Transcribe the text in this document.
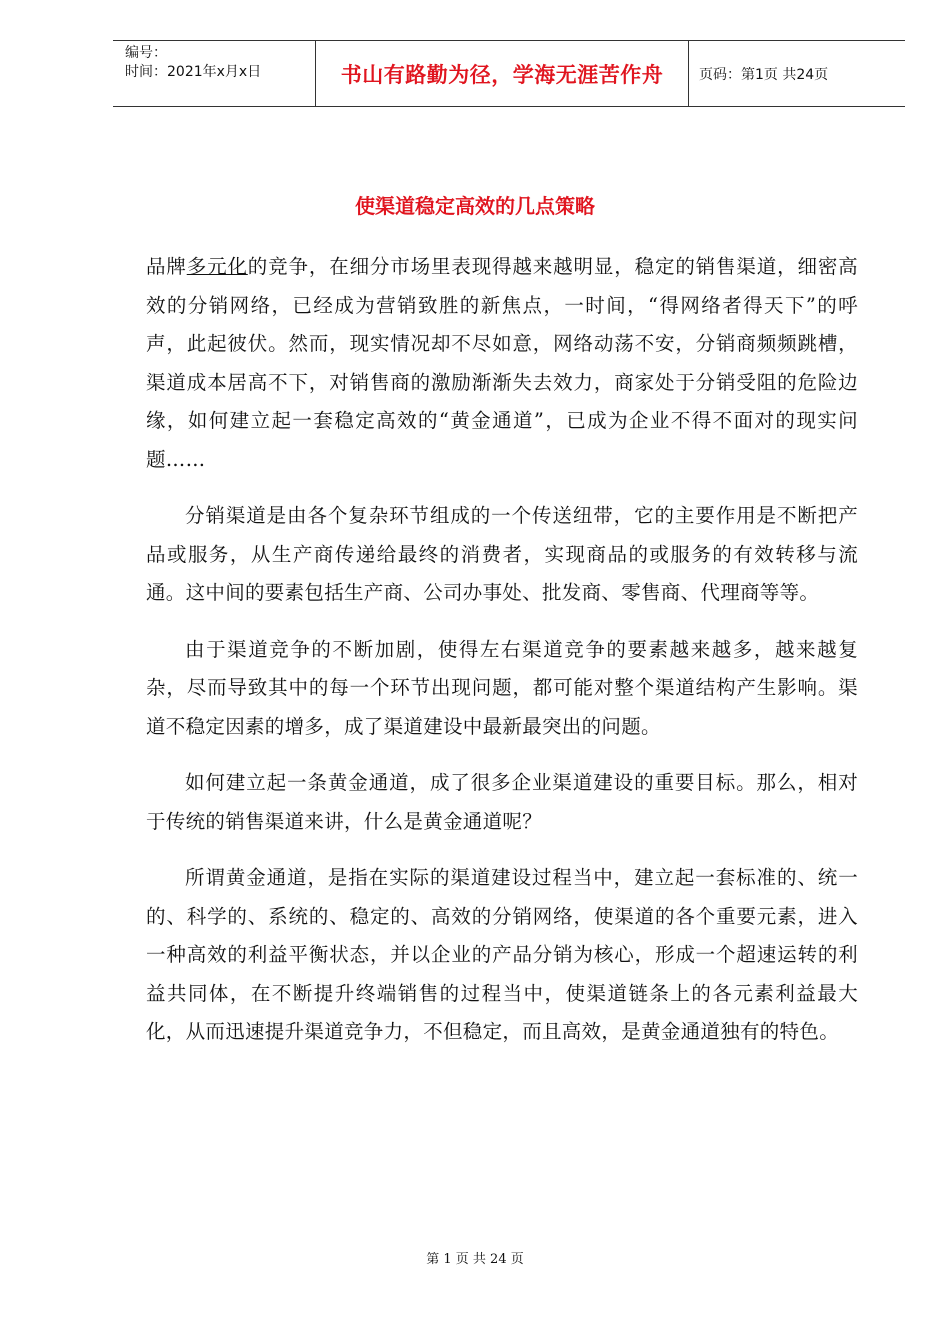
编号：
时间：2021年x月x日	书山有路勤为径，学海无涯苦作舟	页码：第1页 共24页
使渠道稳定高效的几点策略

品牌多元化的竞争，在细分市场里表现得越来越明显，稳定的销售渠道，细密高效的分销网络，已经成为营销致胜的新焦点，一时间，“得网络者得天下”的呼声，此起彼伏。然而，现实情况却不尽如意，网络动荡不安，分销商频频跳槽，渠道成本居高不下，对销售商的激励渐渐失去效力，商家处于分销受阻的危险边缘，如何建立起一套稳定高效的“黄金通道”，已成为企业不得不面对的现实问题……

分销渠道是由各个复杂环节组成的一个传送纽带，它的主要作用是不断把产品或服务，从生产商传递给最终的消费者，实现商品的或服务的有效转移与流通。这中间的要素包括生产商、公司办事处、批发商、零售商、代理商等等。

由于渠道竞争的不断加剧，使得左右渠道竞争的要素越来越多，越来越复杂，尽而导致其中的每一个环节出现问题，都可能对整个渠道结构产生影响。渠道不稳定因素的增多，成了渠道建设中最新最突出的问题。

如何建立起一条黄金通道，成了很多企业渠道建设的重要目标。那么，相对于传统的销售渠道来讲，什么是黄金通道呢？

所谓黄金通道，是指在实际的渠道建设过程当中，建立起一套标准的、统一的、科学的、系统的、稳定的、高效的分销网络，使渠道的各个重要元素，进入一种高效的利益平衡状态，并以企业的产品分销为核心，形成一个超速运转的利益共同体，在不断提升终端销售的过程当中，使渠道链条上的各元素利益最大化，从而迅速提升渠道竞争力，不但稳定，而且高效，是黄金通道独有的特色。

第 1 页 共 24 页
